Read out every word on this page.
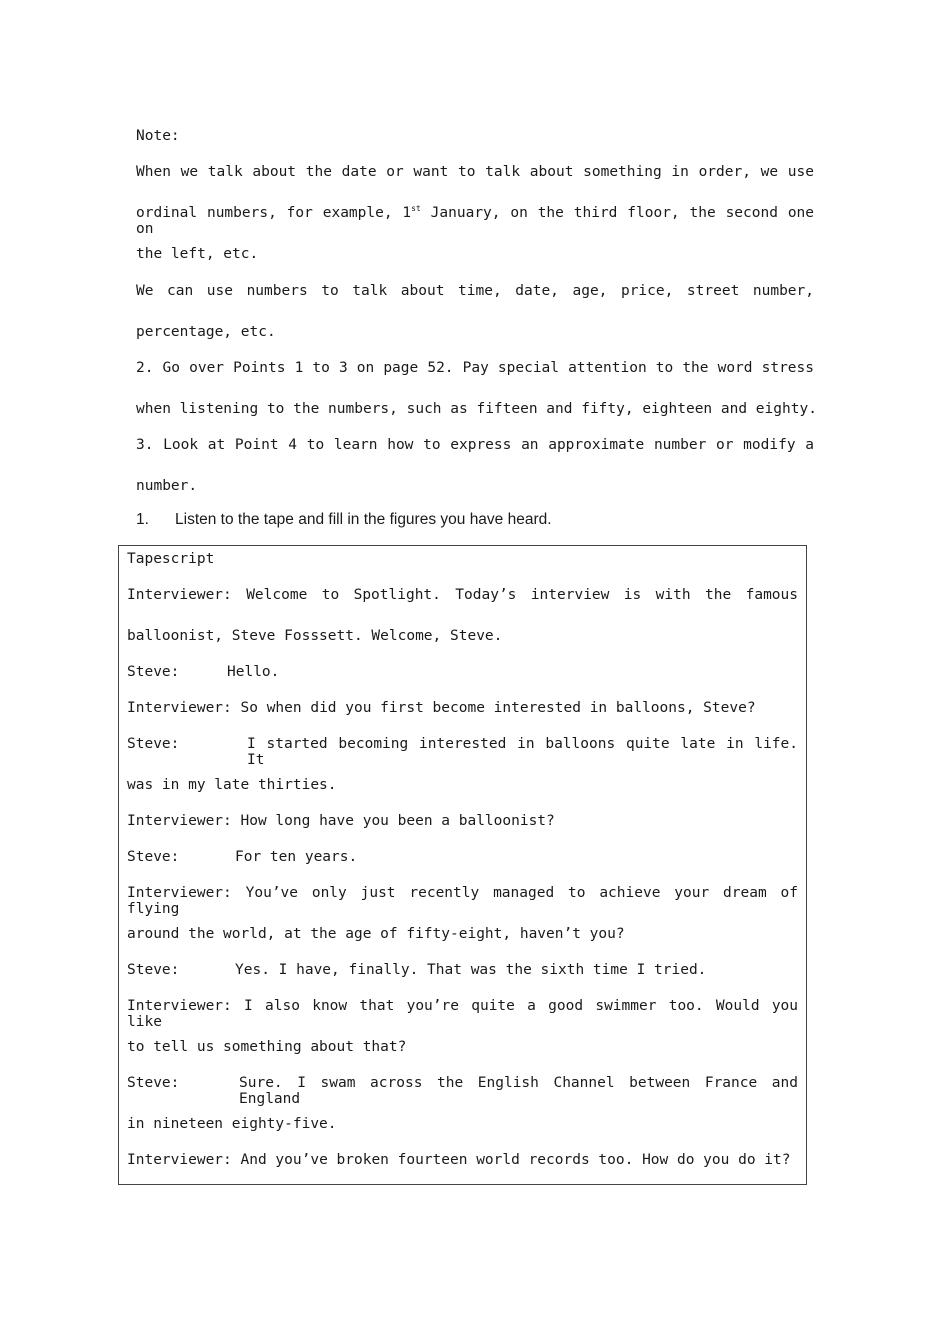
Note:
When we talk about the date or want to talk about something in order, we use
ordinal numbers, for example, 1st January, on the third floor, the second one on
the left, etc.
We can use numbers to talk about time, date, age, price, street number,
percentage, etc.
2. Go over Points 1 to 3 on page 52. Pay special attention to the word stress
when listening to the numbers, such as fifteen and fifty, eighteen and eighty.
3. Look at Point 4 to learn how to express an approximate number or modify a
number.
1. Listen to the tape and fill in the figures you have heard.
Tapescript
Interviewer: Welcome to Spotlight. Today’s interview is with the famous
balloonist, Steve Fosssett. Welcome, Steve.
Steve:	Hello.
Interviewer: So when did you first become interested in balloons, Steve?
Steve:	I started becoming interested in balloons quite late in life. It
was in my late thirties.
Interviewer: How long have you been a balloonist?
Steve:	For ten years.
Interviewer: You’ve only just recently managed to achieve your dream of flying
around the world, at the age of fifty-eight, haven’t you?
Steve:	Yes. I have, finally. That was the sixth time I tried.
Interviewer: I also know that you’re quite a good swimmer too. Would you like
to tell us something about that?
Steve:	Sure. I swam across the English Channel between France and England
in nineteen eighty-five.
Interviewer: And you’ve broken fourteen world records too. How do you do it?
